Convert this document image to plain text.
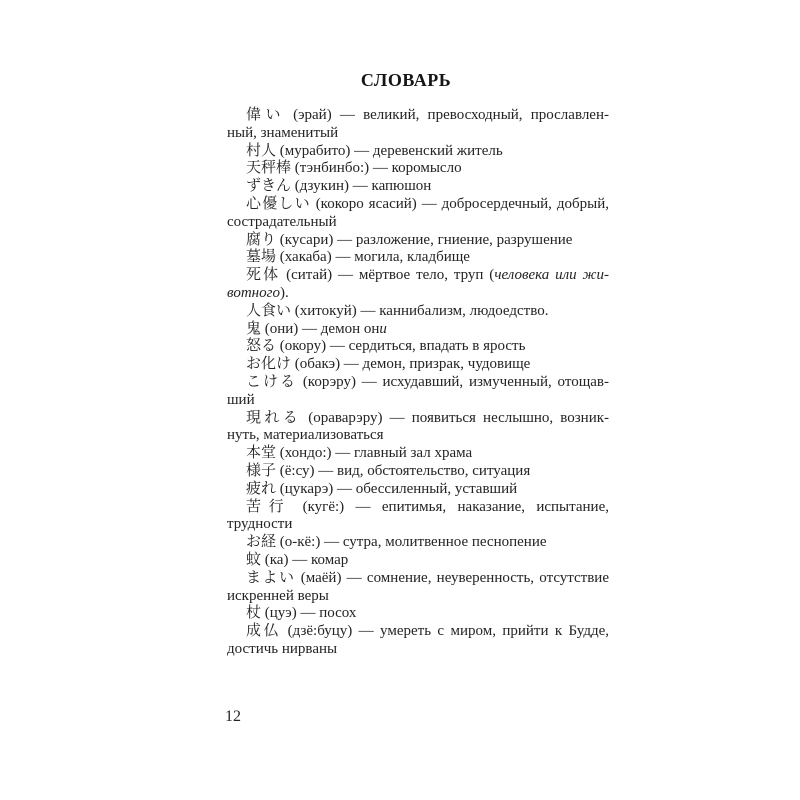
СЛОВАРЬ
偉い (эрай) — великий, превосходный, прославлен-
ный, знаменитый
村人 (мурабито) — деревенский житель
天秤棒 (тэнбинбо:) — коромысло
ずきん (дзукин) — капюшон
心優しい (кокоро ясасий) — добросердечный, добрый,
сострадательный
腐り (кусари) — разложение, гниение, разрушение
墓場 (хакаба) — могила, кладбище
死体 (ситай) — мёртвое тело, труп (человека или жи-
вотного).
人食い (хитокуй) — каннибализм, людоедство.
鬼 (они) — демон они
怒る (окору) — сердиться, впадать в ярость
お化け (обакэ) — демон, призрак, чудовище
こける (корэру) — исхудавший, измученный, отощав-
ший
現れる (ораварэру) — появиться неслышно, возник-
нуть, материализоваться
本堂 (хондо:) — главный зал храма
様子 (ё:су) — вид, обстоятельство, ситуация
疲れ (цукарэ) — обессиленный, уставший
苦行 (кугё:) — епитимья, наказание, испытание,
трудности
お経 (о-кё:) — сутра, молитвенное песнопение
蚊 (ка) — комар
まよい (маёй) — сомнение, неуверенность, отсутствие
искренней веры
杖 (цуэ) — посох
成仏 (дзё:буцу) — умереть с миром, прийти к Будде,
достичь нирваны
12
